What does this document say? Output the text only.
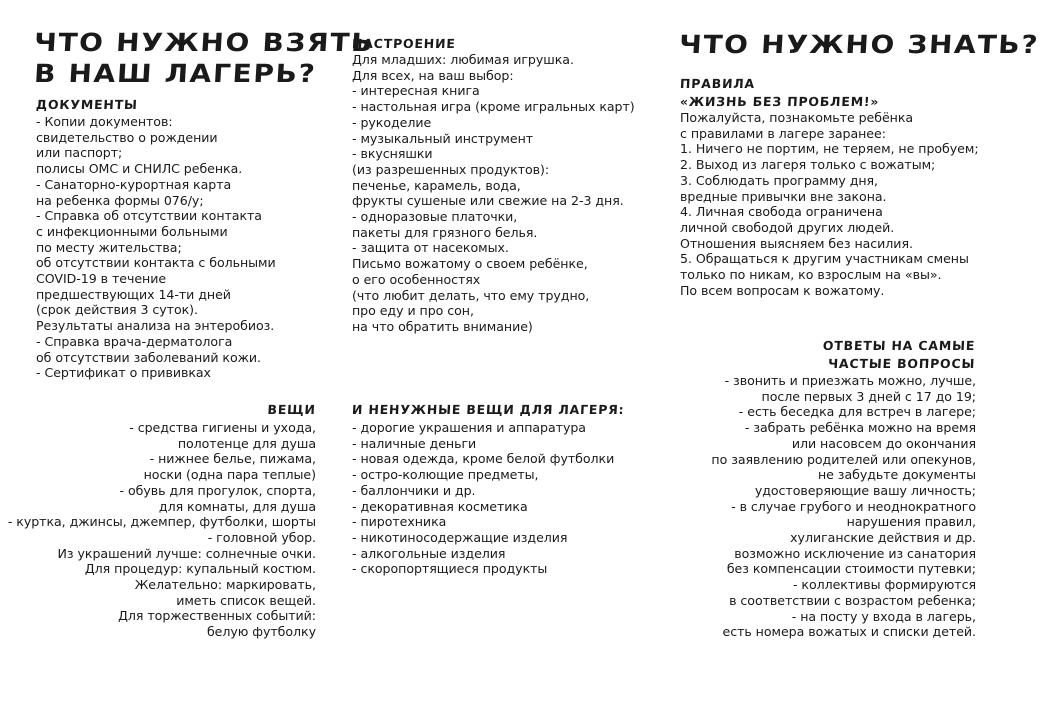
ЧТО НУЖНО ВЗЯТЬ
В НАШ ЛАГЕРЬ?
ДОКУМЕНТЫ
- Копии документов:
свидетельство о рождении
или паспорт;
полисы ОМС и СНИЛС ребенка.
- Санаторно-курортная карта
на ребенка формы 076/у;
- Справка об отсутствии контакта
с инфекционными больными
по месту жительства;
об отсутствии контакта с больными
COVID-19 в течение
предшествующих 14-ти дней
(срок действия 3 суток).
Результаты анализа на энтеробиоз.
- Справка врача-дерматолога
об отсутствии заболеваний кожи.
- Сертификат о прививках
ВЕЩИ
- средства гигиены и ухода,
полотенце для душа
- нижнее белье, пижама,
носки (одна пара теплые)
- обувь для прогулок, спорта,
для комнаты, для душа
- куртка, джинсы, джемпер, футболки, шорты
- головной убор.
Из украшений лучше: солнечные очки.
Для процедур: купальный костюм.
Желательно: маркировать,
иметь список вещей.
Для торжественных событий:
белую футболку
НАСТРОЕНИЕ
Для младших: любимая игрушка.
Для всех, на ваш выбор:
- интересная книга
- настольная игра (кроме игральных карт)
- рукоделие
- музыкальный инструмент
- вкусняшки
(из разрешенных продуктов):
печенье, карамель, вода,
фрукты сушеные или свежие на 2-3 дня.
- одноразовые платочки,
пакеты для грязного белья.
- защита от насекомых.
Письмо вожатому о своем ребёнке,
о его особенностях
(что любит делать, что ему трудно,
про еду и про сон,
на что обратить внимание)
И НЕНУЖНЫЕ ВЕЩИ ДЛЯ ЛАГЕРЯ:
- дорогие украшения и аппаратура
- наличные деньги
- новая одежда, кроме белой футболки
- остро-колющие предметы,
- баллончики и др.
- декоративная косметика
- пиротехника
- никотиносодержащие изделия
- алкогольные изделия
- скоропортящиеся продукты
ЧТО НУЖНО ЗНАТЬ?
ПРАВИЛА
«ЖИЗНЬ БЕЗ ПРОБЛЕМ!»
Пожалуйста, познакомьте ребёнка
с правилами в лагере заранее:
1. Ничего не портим, не теряем, не пробуем;
2. Выход из лагеря только с вожатым;
3. Соблюдать программу дня,
вредные привычки вне закона.
4. Личная свобода ограничена
личной свободой других людей.
Отношения выясняем без насилия.
5. Обращаться к другим участникам смены
только по никам, ко взрослым на «вы».
По всем вопросам к вожатому.
ОТВЕТЫ НА САМЫЕ
ЧАСТЫЕ ВОПРОСЫ
- звонить и приезжать можно, лучше,
после первых 3 дней с 17 до 19;
- есть беседка для встреч в лагере;
- забрать ребёнка можно на время
или насовсем до окончания
по заявлению родителей или опекунов,
не забудьте документы
удостоверяющие вашу личность;
- в случае грубого и неоднократного
нарушения правил,
хулиганские действия и др.
возможно исключение из санатория
без компенсации стоимости путевки;
- коллективы формируются
в соответствии с возрастом ребенка;
- на посту у входа в лагерь,
есть номера вожатых и списки детей.
